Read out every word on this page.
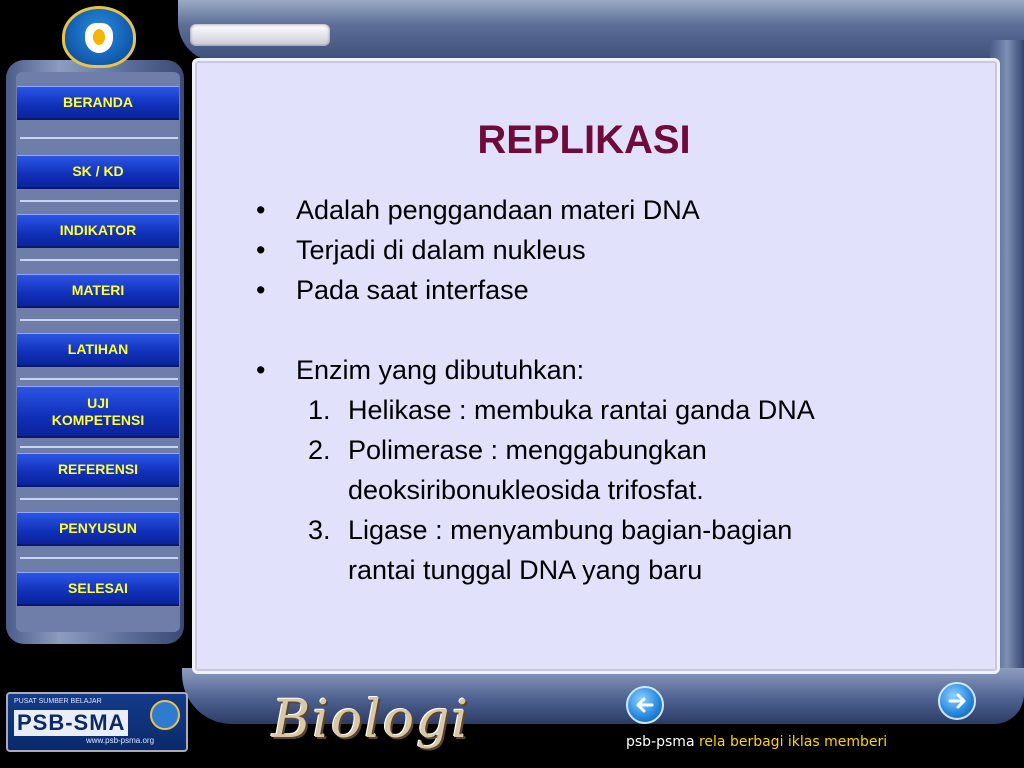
BERANDA
SK / KD
INDIKATOR
MATERI
LATIHAN
UJI
KOMPETENSI
REFERENSI
PENYUSUN
SELESAI
REPLIKASI
•	Adalah penggandaan materi DNA
•	Terjadi di dalam nukleus
•	Pada saat interfase
•	Enzim yang dibutuhkan:
1. Helikase : membuka rantai ganda DNA
2. Polimerase : menggabungkan
deoksiribonukleosida trifosfat.
3. Ligase : menyambung bagian-bagian
rantai tunggal DNA yang baru
PUSAT SUMBER BELAJAR
PSB-SMA
www.psb-psma.org Biologi	psb-psma rela berbagi iklas memberi
